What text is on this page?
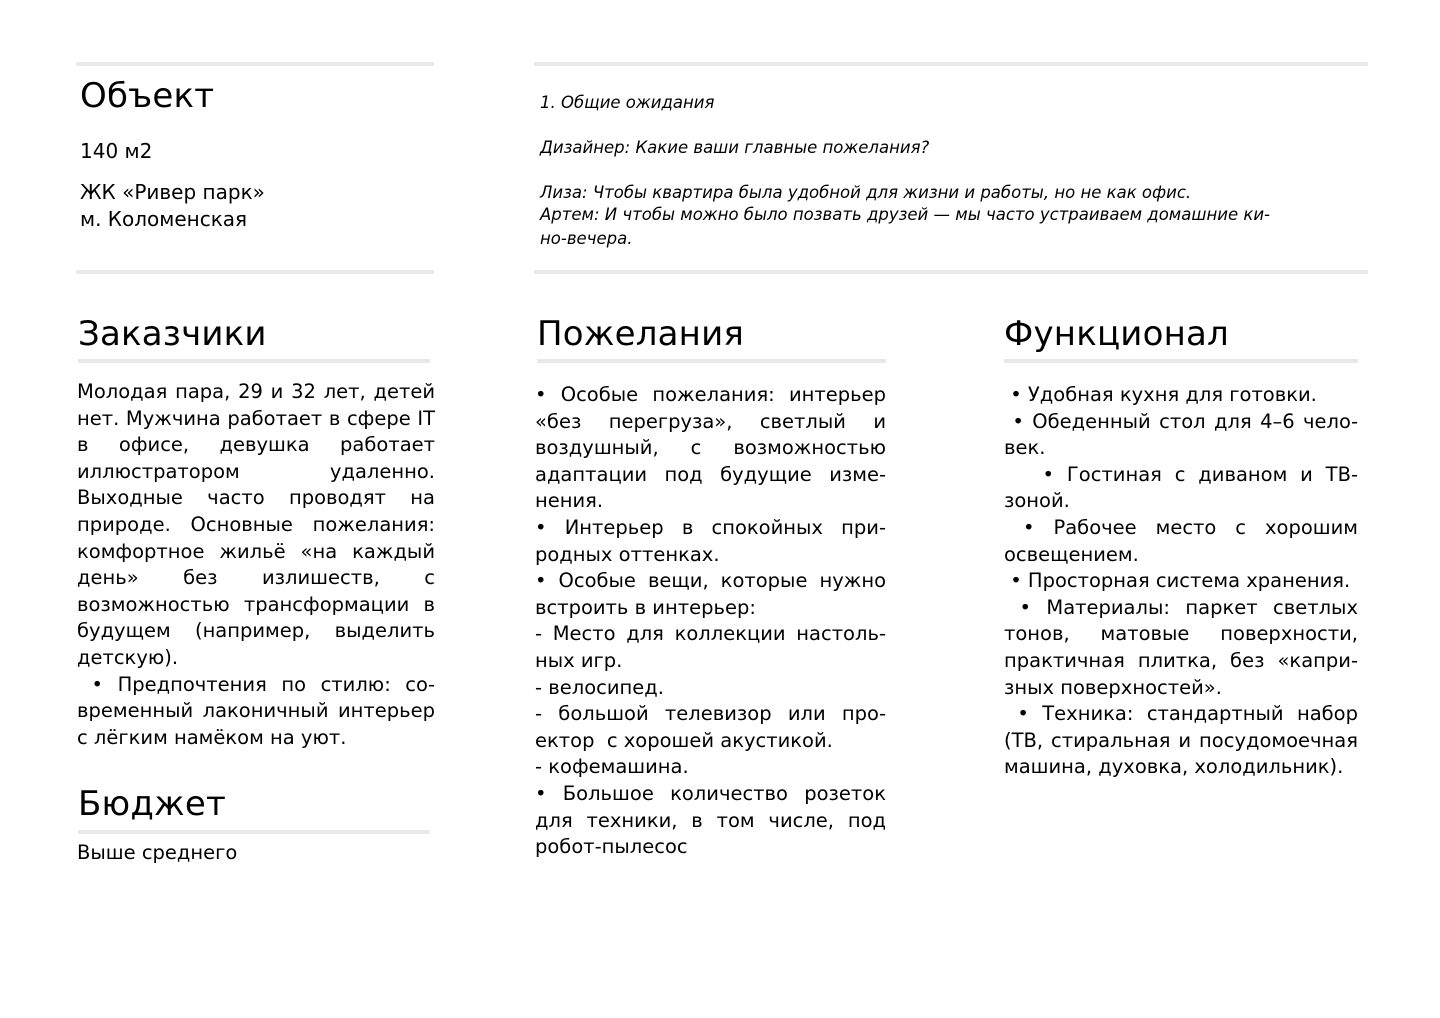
Объект

140 м2

ЖК «Ривер парк»

м. Коломенская

1. Общие ожидания

Дизайнер: Какие ваши главные пожелания?

Лиза: Чтобы квартира была удобной для жизни и работы, но не как офис.

Артем: И чтобы можно было позвать друзей — мы часто устраиваем домашние ки-

но-вечера.

Заказчики

Молодая пара, 29 и 32 лет, детей нет. Мужчина работает в сфере IT в офисе, девушка работает иллюстратором удаленно. Выходные часто проводят на природе. Основные пожелания: комфортное жильё «на каждый день» без излишеств, с возможностью трансформации в будущем (например, выделить детскую).

• Предпочтения по стилю: современный лаконичный интерьер с лёгким намёком на уют.

Бюджет

Выше среднего

Пожелания

• Особые пожелания: интерьер «без перегруза», светлый и воздушный, с возможностью адаптации под будущие изменения.

• Интерьер в спокойных природных оттенках.

• Особые вещи, которые нужно встроить в интерьер:

- Место для коллекции настольных игр.

- велосипед.

- большой телевизор или проектор  с хорошей акустикой.

- кофемашина.

• Большое количество розеток для техники, в том числе, под робот-пылесос

Функционал

• Удобная кухня для готовки.

• Обеденный стол для 4–6 человек.

• Гостиная с диваном и ТВ-зоной.

• Рабочее место с хорошим освещением.

• Просторная система хранения.

• Материалы: паркет светлых тонов, матовые поверхности, практичная плитка, без «капризных поверхностей».

• Техника: стандартный набор (ТВ, стиральная и посудомоечная машина, духовка, холодильник).
